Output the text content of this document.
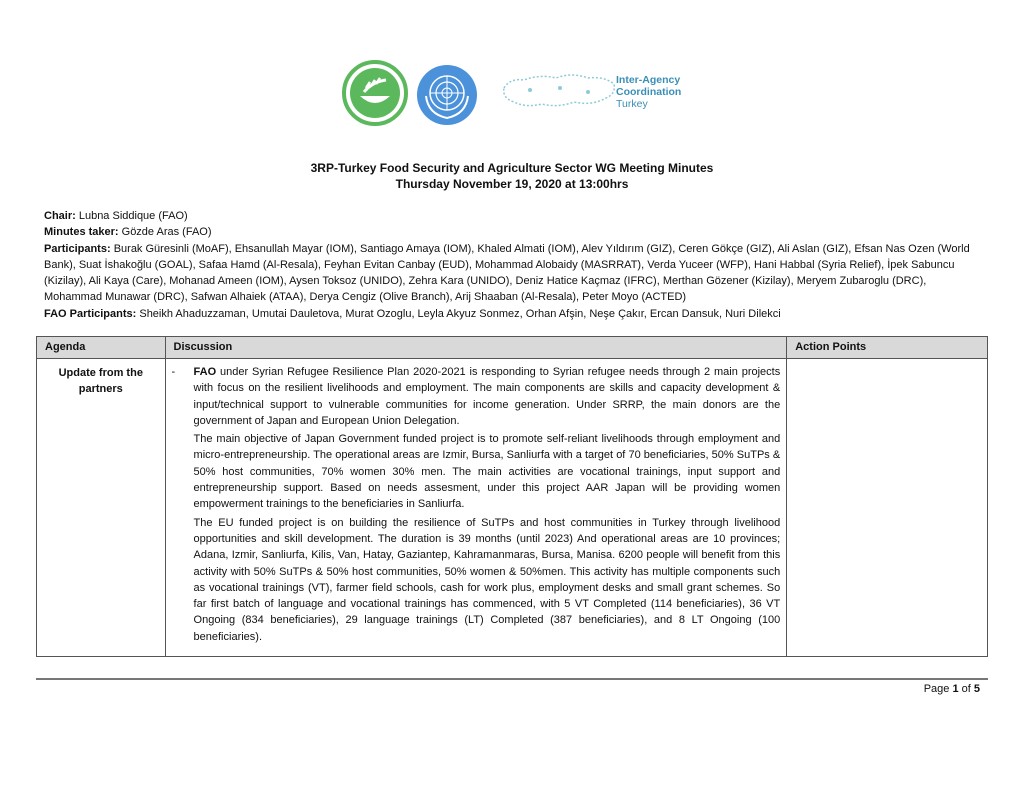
Inter-Agency
Coordination
Turkey
3RP-Turkey Food Security and Agriculture Sector WG Meeting Minutes
Thursday November 19, 2020 at 13:00hrs

Chair: Lubna Siddique (FAO)

Minutes taker: Gözde Aras (FAO)

Participants: Burak Güresinli (MoAF), Ehsanullah Mayar (IOM), Santiago Amaya (IOM), Khaled Almati (IOM), Alev Yıldırım (GIZ), Ceren Gökçe (GIZ), Ali Aslan (GIZ), Efsan Nas Ozen (World Bank), Suat İshakoğlu (GOAL), Safaa Hamd (Al-Resala), Feyhan Evitan Canbay (EUD), Mohammad Alobaidy (MASRRAT), Verda Yuceer (WFP), Hani Habbal (Syria Relief), İpek Sabuncu (Kizilay), Ali Kaya (Care), Mohanad Ameen (IOM), Aysen Toksoz (UNIDO), Zehra Kara (UNIDO), Deniz Hatice Kaçmaz (IFRC), Merthan Gözener (Kizilay), Meryem Zubaroglu (DRC), Mohammad Munawar (DRC), Safwan Alhaiek (ATAA), Derya Cengiz (Olive Branch), Arij Shaaban (Al-Resala), Peter Moyo (ACTED)

FAO Participants: Sheikh Ahaduzzaman, Umutai Dauletova, Murat Ozoglu, Leyla Akyuz Sonmez, Orhan Afşin, Neşe Çakır, Ercan Dansuk, Nuri Dilekci

Agenda	Discussion	Action Points
Update from the partners	- FAO under Syrian Refugee Resilience Plan 2020-2021 is responding to Syrian refugee needs through 2 main projects with focus on the resilient livelihoods and employment. The main components are skills and capacity development & input/technical support to vulnerable communities for income generation. Under SRRP, the main donors are the government of Japan and European Union Delegation.

The main objective of Japan Government funded project is to promote self-reliant livelihoods through employment and micro-entrepreneurship. The operational areas are Izmir, Bursa, Sanliurfa with a target of 70 beneficiaries, 50% SuTPs & 50% host communities, 70% women 30% men. The main activities are vocational trainings, input support and entrepreneurship support. Based on needs assesment, under this project AAR Japan will be providing women empowerment trainings to the beneficiaries in Sanliurfa.

The EU funded project is on building the resilience of SuTPs and host communities in Turkey through livelihood opportunities and skill development. The duration is 39 months (until 2023) And operational areas are 10 provinces; Adana, Izmir, Sanliurfa, Kilis, Van, Hatay, Gaziantep, Kahramanmaras, Bursa, Manisa. 6200 people will benefit from this activity with 50% SuTPs & 50% host communities, 50% women & 50%men. This activity has multiple components such as vocational trainings (VT), farmer field schools, cash for work plus, employment desks and small grant schemes. So far first batch of language and vocational trainings has commenced, with 5 VT Completed (114 beneficiaries), 36 VT Ongoing (834 beneficiaries), 29 language trainings (LT) Completed (387 beneficiaries), and 8 LT Ongoing (100 beneficiaries).	

Page 1 of 5
